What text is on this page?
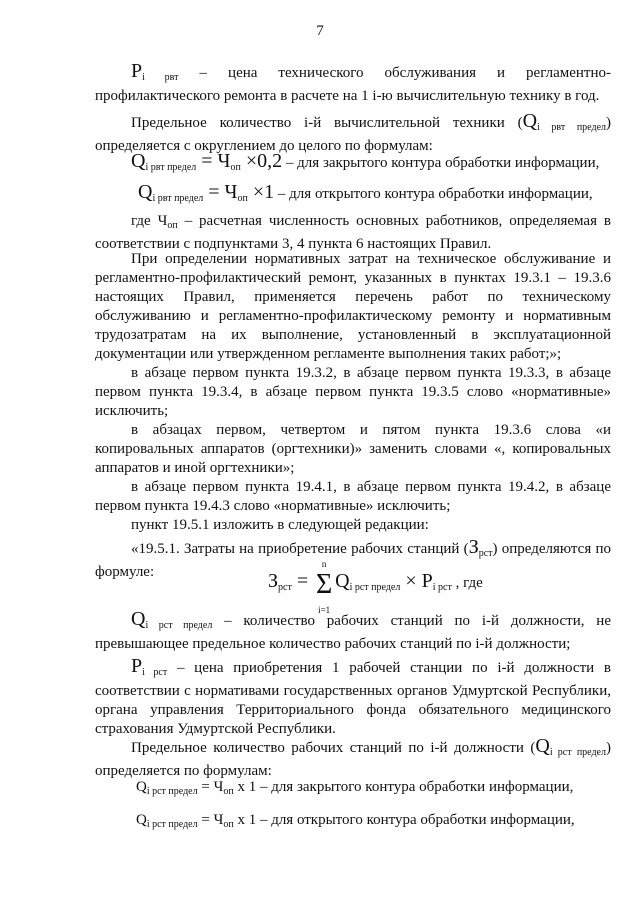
7

$P_{i рвт}$ – цена технического обслуживания и регламентно-профилактического ремонта в расчете на 1 i-ю вычислительную технику в год.

Предельное количество i-й вычислительной техники $(Q_{i рвт предел})$ определяется с округлением до целого по формулам:

$Q_{i рвт предел} = Ч_{оп} \times 0,2$ – для закрытого контура обработки информации,
$Q_{i рвт предел} = Ч_{оп} \times 1$ – для открытого контура обработки информации,

где $Ч_{оп}$ – расчетная численность основных работников, определяемая в соответствии с подпунктами 3, 4 пункта 6 настоящих Правил.

При определении нормативных затрат на техническое обслуживание и регламентно-профилактический ремонт, указанных в пунктах 19.3.1 – 19.3.6 настоящих Правил, применяется перечень работ по техническому обслуживанию и регламентно-профилактическому ремонту и нормативным трудозатратам на их выполнение, установленный в эксплуатационной документации или утвержденном регламенте выполнения таких работ;»;

в абзаце первом пункта 19.3.2, в абзаце первом пункта 19.3.3, в абзаце первом пункта 19.3.4, в абзаце первом пункта 19.3.5 слово «нормативные» исключить;

в абзацах первом, четвертом и пятом пункта 19.3.6 слова «и копировальных аппаратов (оргтехники)» заменить словами «, копировальных аппаратов и иной оргтехники»;

в абзаце первом пункта 19.4.1, в абзаце первом пункта 19.4.2, в абзаце первом пункта 19.4.3 слово «нормативные» исключить;

пункт 19.5.1 изложить в следующей редакции:

«19.5.1. Затраты на приобретение рабочих станций $(З_{рст})$ определяются по формуле:	$З_{рст}$ =
n
Σ
i=1
$Q_{i рст предел} \times P_{i рст}$ , где

$Q_{i рст предел}$ – количество рабочих станций по i-й должности, не превышающее предельное количество рабочих станций по i-й должности;

$P_{i рст}$ – цена приобретения 1 рабочей станции по i-й должности в соответствии с нормативами государственных органов Удмуртской Республики, органа управления Территориального фонда обязательного медицинского страхования Удмуртской Республики.

Предельное количество рабочих станций по i-й должности $(Q_{i рст предел})$ определяется по формулам:

$Q_{i рст предел} = Ч_{оп}$ x 1 – для закрытого контура обработки информации,
$Q_{i рст предел} = Ч_{оп}$ x 1 – для открытого контура обработки информации,
